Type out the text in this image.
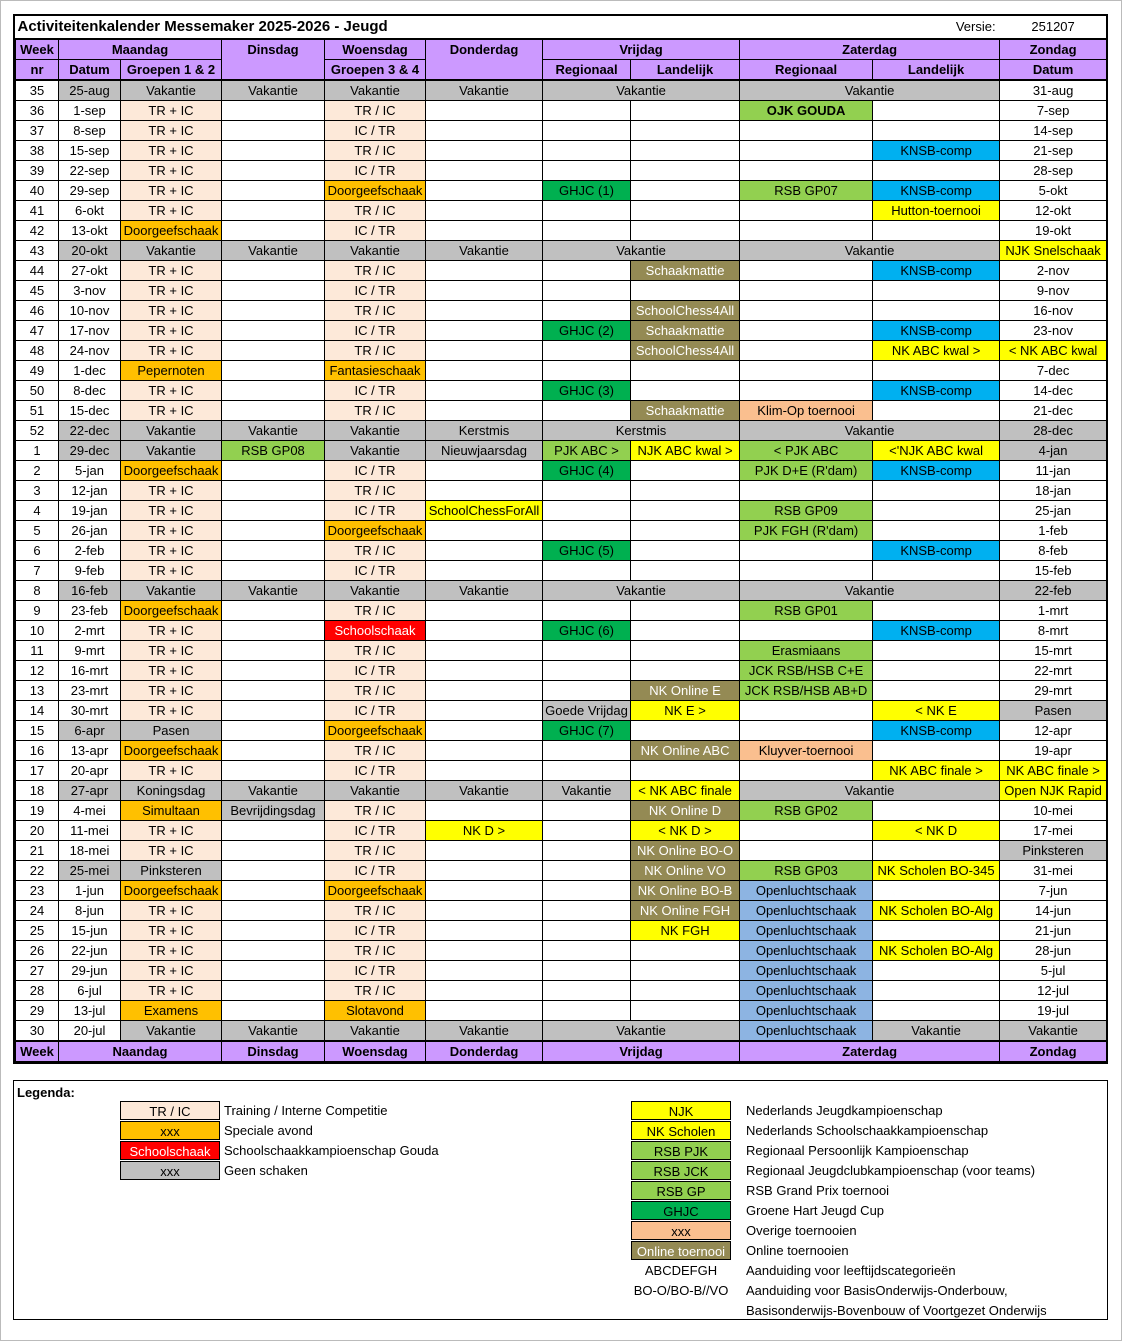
Activiteitenkalender Messemaker 2025-2026 - Jeugd								Versie:		251207
Week	Maandag		Dinsdag	Woensdag	Donderdag	Vrijdag		Zaterdag		Zondag
nr	Datum	Groepen 1 & 2		Groepen 3 & 4		Regionaal	Landelijk	Regionaal	Landelijk	Datum
35	25-aug	Vakantie	Vakantie	Vakantie	Vakantie	Vakantie		Vakantie		31-aug
36	1-sep	TR + IC		TR / IC				OJK GOUDA		7-sep
37	8-sep	TR + IC		IC / TR						14-sep
38	15-sep	TR + IC		TR / IC					KNSB-comp	21-sep
39	22-sep	TR + IC		IC / TR						28-sep
40	29-sep	TR + IC		Doorgeefschaak		GHJC (1)		RSB GP07	KNSB-comp	5-okt
41	6-okt	TR + IC		TR / IC					Hutton-toernooi	12-okt
42	13-okt	Doorgeefschaak		IC / TR						19-okt
43	20-okt	Vakantie	Vakantie	Vakantie	Vakantie	Vakantie		Vakantie		NJK Snelschaak
44	27-okt	TR + IC		TR / IC			Schaakmattie		KNSB-comp	2-nov
45	3-nov	TR + IC		IC / TR						9-nov
46	10-nov	TR + IC		TR / IC			SchoolChess4All			16-nov
47	17-nov	TR + IC		IC / TR		GHJC (2)	Schaakmattie		KNSB-comp	23-nov
48	24-nov	TR + IC		TR / IC			SchoolChess4All		NK ABC kwal >	< NK ABC kwal
49	1-dec	Pepernoten		Fantasieschaak						7-dec
50	8-dec	TR + IC		IC / TR		GHJC (3)			KNSB-comp	14-dec
51	15-dec	TR + IC		TR / IC			Schaakmattie	Klim-Op toernooi		21-dec
52	22-dec	Vakantie	Vakantie	Vakantie	Kerstmis	Kerstmis		Vakantie		28-dec
1	29-dec	Vakantie	RSB GP08	Vakantie	Nieuwjaarsdag	PJK ABC >	NJK ABC kwal >	< PJK ABC	<'NJK ABC kwal	4-jan
2	5-jan	Doorgeefschaak		IC / TR		GHJC (4)		PJK D+E (R'dam)	KNSB-comp	11-jan
3	12-jan	TR + IC		TR / IC						18-jan
4	19-jan	TR + IC		IC / TR	SchoolChessForAll			RSB GP09		25-jan
5	26-jan	TR + IC		Doorgeefschaak				PJK FGH (R'dam)		1-feb
6	2-feb	TR + IC		TR / IC		GHJC (5)			KNSB-comp	8-feb
7	9-feb	TR + IC		IC / TR						15-feb
8	16-feb	Vakantie	Vakantie	Vakantie	Vakantie	Vakantie		Vakantie		22-feb
9	23-feb	Doorgeefschaak		TR / IC				RSB GP01		1-mrt
10	2-mrt	TR + IC		Schoolschaak		GHJC (6)			KNSB-comp	8-mrt
11	9-mrt	TR + IC		TR / IC				Erasmiaans		15-mrt
12	16-mrt	TR + IC		IC / TR				JCK RSB/HSB C+E		22-mrt
13	23-mrt	TR + IC		TR / IC			NK Online E	JCK RSB/HSB AB+D		29-mrt
14	30-mrt	TR + IC		IC / TR		Goede Vrijdag	NK E >		< NK E	Pasen
15	6-apr	Pasen		Doorgeefschaak		GHJC (7)			KNSB-comp	12-apr
16	13-apr	Doorgeefschaak		TR / IC			NK Online ABC	Kluyver-toernooi		19-apr
17	20-apr	TR + IC		IC / TR					NK ABC finale >	NK ABC finale >
18	27-apr	Koningsdag	Vakantie	Vakantie	Vakantie	Vakantie	< NK ABC finale	Vakantie		Open NJK Rapid
19	4-mei	Simultaan	Bevrijdingsdag	TR / IC			NK Online D	RSB GP02		10-mei
20	11-mei	TR + IC		IC / TR	NK D >		< NK D >		< NK D	17-mei
21	18-mei	TR + IC		TR / IC			NK Online BO-O			Pinksteren
22	25-mei	Pinksteren		IC / TR			NK Online VO	RSB GP03	NK Scholen BO-345	31-mei
23	1-jun	Doorgeefschaak		Doorgeefschaak			NK Online BO-B	Openluchtschaak		7-jun
24	8-jun	TR + IC		TR / IC			NK Online FGH	Openluchtschaak	NK Scholen BO-Alg	14-jun
25	15-jun	TR + IC		IC / TR			NK FGH	Openluchtschaak		21-jun
26	22-jun	TR + IC		TR / IC				Openluchtschaak	NK Scholen BO-Alg	28-jun
27	29-jun	TR + IC		IC / TR				Openluchtschaak		5-jul
28	6-jul	TR + IC		TR / IC				Openluchtschaak		12-jul
29	13-jul	Examens		Slotavond				Openluchtschaak		19-jul
30	20-jul	Vakantie	Vakantie	Vakantie	Vakantie	Vakantie		Openluchtschaak	Vakantie	Vakantie
Week	Naandag		Dinsdag	Woensdag	Donderdag	Vrijdag		Zaterdag		Zondag
Legenda:
TR / IC	Training / Interne Competitie
xxx	Speciale avond
Schoolschaak	Schoolschaakkampioenschap Gouda
xxx	Geen schaken
NJK	Nederlands Jeugdkampioenschap
NK Scholen	Nederlands Schoolschaakkampioenschap
RSB PJK	Regionaal Persoonlijk Kampioenschap
RSB JCK	Regionaal Jeugdclubkampioenschap (voor teams)
RSB GP	RSB Grand Prix toernooi
GHJC	Groene Hart Jeugd Cup
xxx	Overige toernooien
Online toernooi	Online toernooien
ABCDEFGH	Aanduiding voor leeftijdscategorieën
BO-O/BO-B//VO Aanduiding voor BasisOnderwijs-Onderbouw,
Basisonderwijs-Bovenbouw of Voortgezet Onderwijs
